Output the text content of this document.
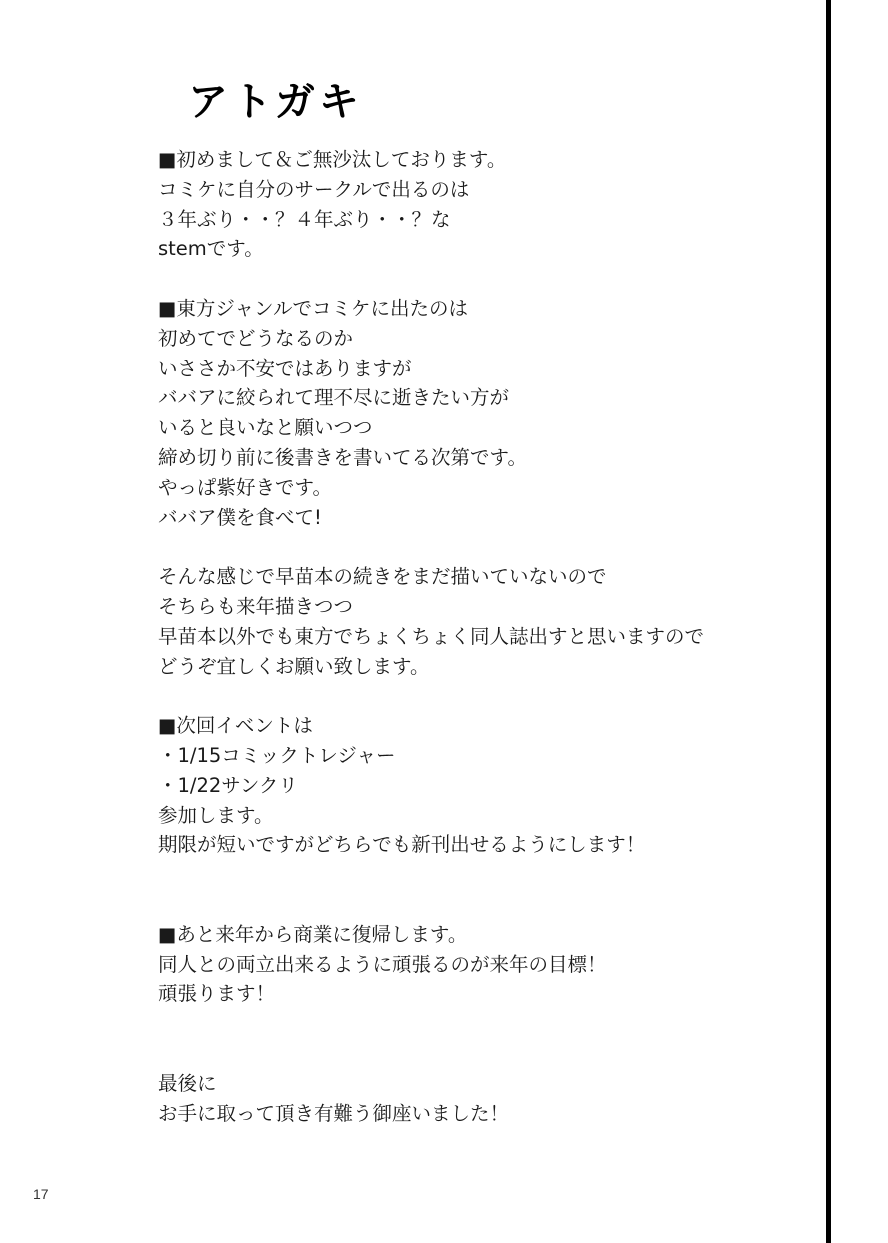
アトガキ
■初めまして＆ご無沙汰しております。
コミケに自分のサークルで出るのは
３年ぶり・・？４年ぶり・・？な
stemです。
■東方ジャンルでコミケに出たのは
初めてでどうなるのか
いささか不安ではありますが
ババアに絞られて理不尽に逝きたい方が
いると良いなと願いつつ
締め切り前に後書きを書いてる次第です。
やっぱ紫好きです。
ババア僕を食べて!
そんな感じで早苗本の続きをまだ描いていないので
そちらも来年描きつつ
早苗本以外でも東方でちょくちょく同人誌出すと思いますので
どうぞ宜しくお願い致します。
■次回イベントは
・1/15コミックトレジャー
・1/22サンクリ
参加します。
期限が短いですがどちらでも新刊出せるようにします！
■あと来年から商業に復帰します。
同人との両立出来るように頑張るのが来年の目標！
頑張ります！
最後に
お手に取って頂き有難う御座いました！
17
